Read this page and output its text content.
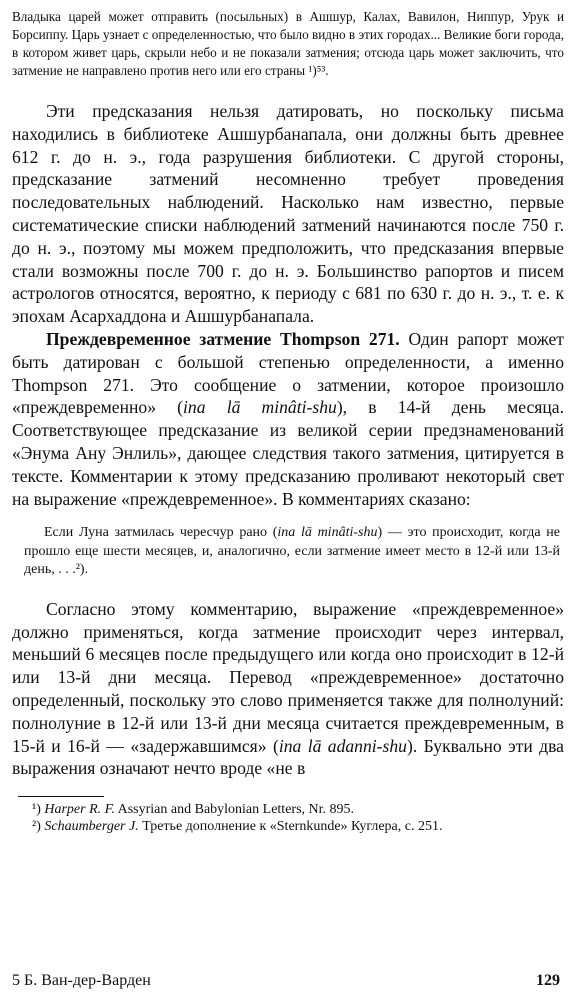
Владыка царей может отправить (посыльных) в Ашшур, Калах, Вавилон, Ниппур, Урук и Борсиппу. Царь узнает с определенностью, что было видно в этих городах... Великие боги города, в котором живет царь, скрыли небо и не показали затмения; отсюда царь может заключить, что затмение не направлено против него или его страны ¹)⁵³.

Эти предсказания нельзя датировать, но поскольку письма находились в библиотеке Ашшурбанапала, они должны быть древнее 612 г. до н. э., года разрушения библиотеки. С другой стороны, предсказание затмений несомненно требует проведения последовательных наблюдений. Насколько нам известно, первые систематические списки наблюдений затмений начинаются после 750 г. до н. э., поэтому мы можем предположить, что предсказания впервые стали возможны после 700 г. до н. э. Большинство рапортов и писем астрологов относятся, вероятно, к периоду с 681 по 630 г. до н. э., т. е. к эпохам Асархаддона и Ашшурбанапала.

Преждевременное затмение Thompson 271. Один рапорт может быть датирован с большой степенью определенности, а именно Thompson 271. Это сообщение о затмении, которое произошло «преждевременно» (ina lā minâti-shu), в 14-й день месяца. Соответствующее предсказание из великой серии предзнаменований «Энума Ану Энлиль», дающее следствия такого затмения, цитируется в тексте. Комментарии к этому предсказанию проливают некоторый свет на выражение «преждевременное». В комментариях сказано:

Если Луна затмилась чересчур рано (ina lā minâti-shu) — это происходит, когда не прошло еще шести месяцев, и, аналогично, если затмение имеет место в 12-й или 13-й день, . . .²).

Согласно этому комментарию, выражение «преждевременное» должно применяться, когда затмение происходит через интервал, меньший 6 месяцев после предыдущего или когда оно происходит в 12-й или 13-й дни месяца. Перевод «преждевременное» достаточно определенный, поскольку это слово применяется также для полнолуний: полнолуние в 12-й или 13-й дни месяца считается преждевременным, в 15-й и 16-й — «задержавшимся» (ina lā adanni-shu). Буквально эти два выражения означают нечто вроде «не в

¹) Harper R. F. Assyrian and Babylonian Letters, Nr. 895.

²) Schaumberger J. Третье дополнение к «Sternkunde» Куглера, с. 251.

5 Б. Ван-дер-Варден	129
